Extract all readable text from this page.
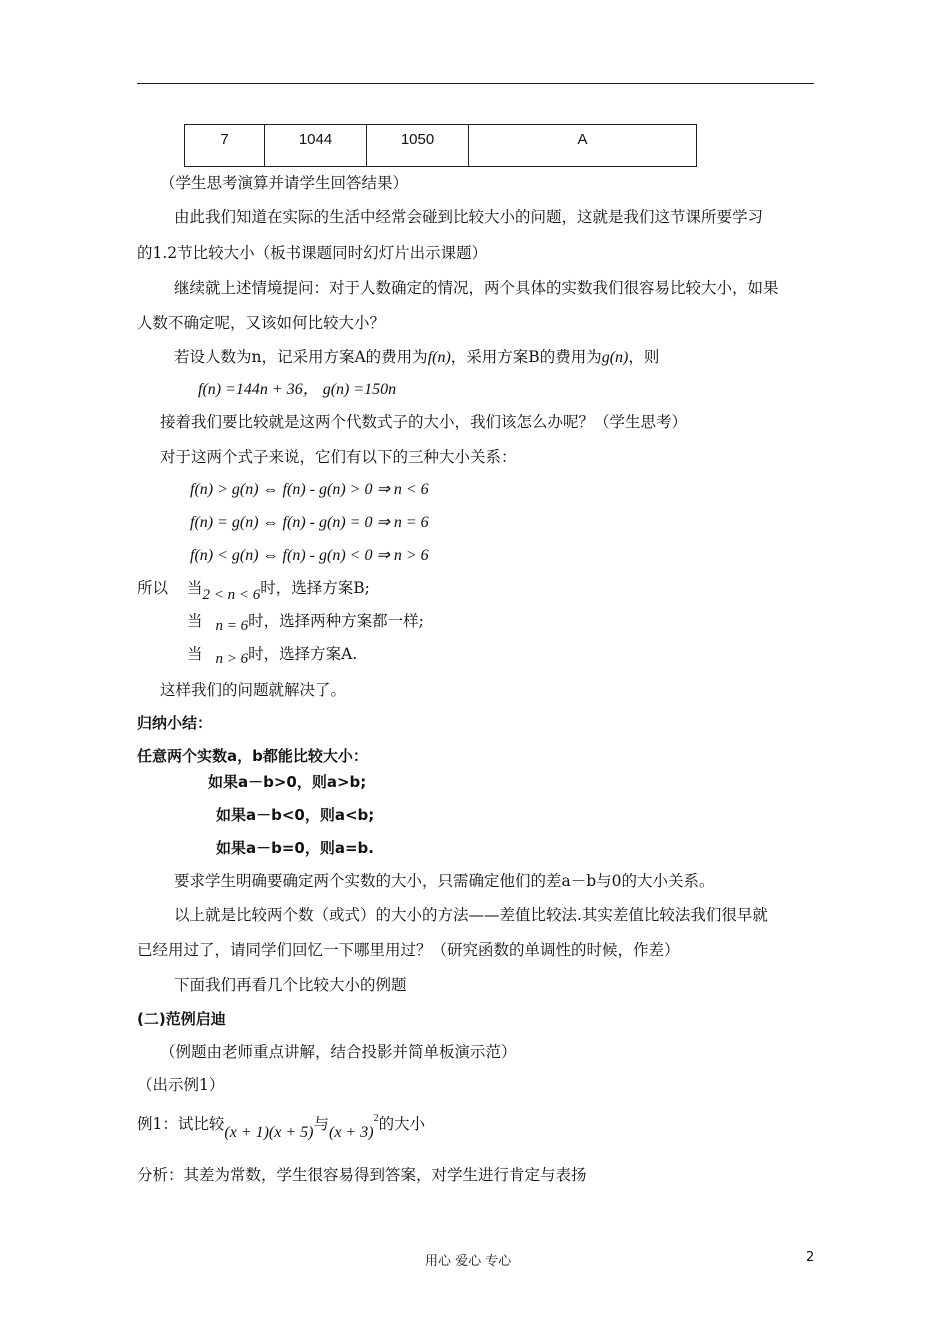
7	1044	1050	A
（学生思考演算并请学生回答结果）
由此我们知道在实际的生活中经常会碰到比较大小的问题，这就是我们这节课所要学习
的1.2节比较大小（板书课题同时幻灯片出示课题）
继续就上述情境提问：对于人数确定的情况，两个具体的实数我们很容易比较大小，如果
人数不确定呢，又该如何比较大小？
若设人数为n，记采用方案A的费用为f(n)，采用方案B的费用为g(n)，则
f(n) =144n + 36， g(n) =150n
接着我们要比较就是这两个代数式子的大小，我们该怎么办呢？（学生思考）
对于这两个式子来说，它们有以下的三种大小关系：
f(n) > g(n) ⇔ f(n) - g(n) > 0 ⇒ n < 6
f(n) = g(n) ⇔ f(n) - g(n) = 0 ⇒ n = 6
f(n) < g(n) ⇔ f(n) - g(n) < 0 ⇒ n > 6
所以 当2 < n < 6时，选择方案B;
当 n = 6时，选择两种方案都一样;
当 n > 6时，选择方案A.
这样我们的问题就解决了。
归纳小结：
任意两个实数a，b都能比较大小：
如果a－b>0，则a>b;
如果a－b<0，则a<b;
如果a－b=0，则a=b.
要求学生明确要确定两个实数的大小，只需确定他们的差a－b与0的大小关系。
以上就是比较两个数（或式）的大小的方法——差值比较法.其实差值比较法我们很早就
已经用过了，请同学们回忆一下哪里用过？（研究函数的单调性的时候，作差）
下面我们再看几个比较大小的例题
(二)范例启迪
（例题由老师重点讲解，结合投影并简单板演示范）
（出示例1）
例1：试比较(x + 1)(x + 5)与$(x + 3)^2$的大小
分析：其差为常数，学生很容易得到答案，对学生进行肯定与表扬
用心 爱心 专心	2
